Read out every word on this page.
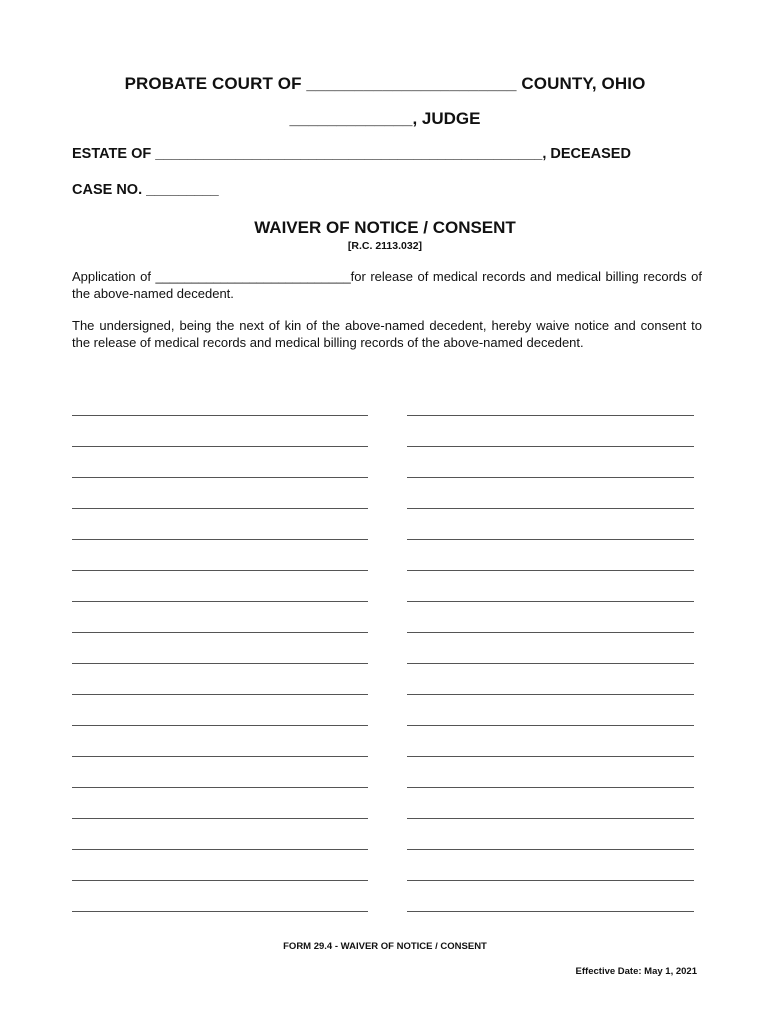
PROBATE COURT OF ______________________ COUNTY, OHIO
_____________, JUDGE
ESTATE OF ________________________________________________, DECEASED
CASE NO. _________
WAIVER OF NOTICE / CONSENT
[R.C. 2113.032]
Application of ___________________________for release of medical records and medical billing records of the above-named decedent.
The undersigned, being the next of kin of the above-named decedent, hereby waive notice and consent to the release of medical records and medical billing records of the above-named decedent.
FORM 29.4 - WAIVER OF NOTICE / CONSENT
Effective Date: May 1, 2021
